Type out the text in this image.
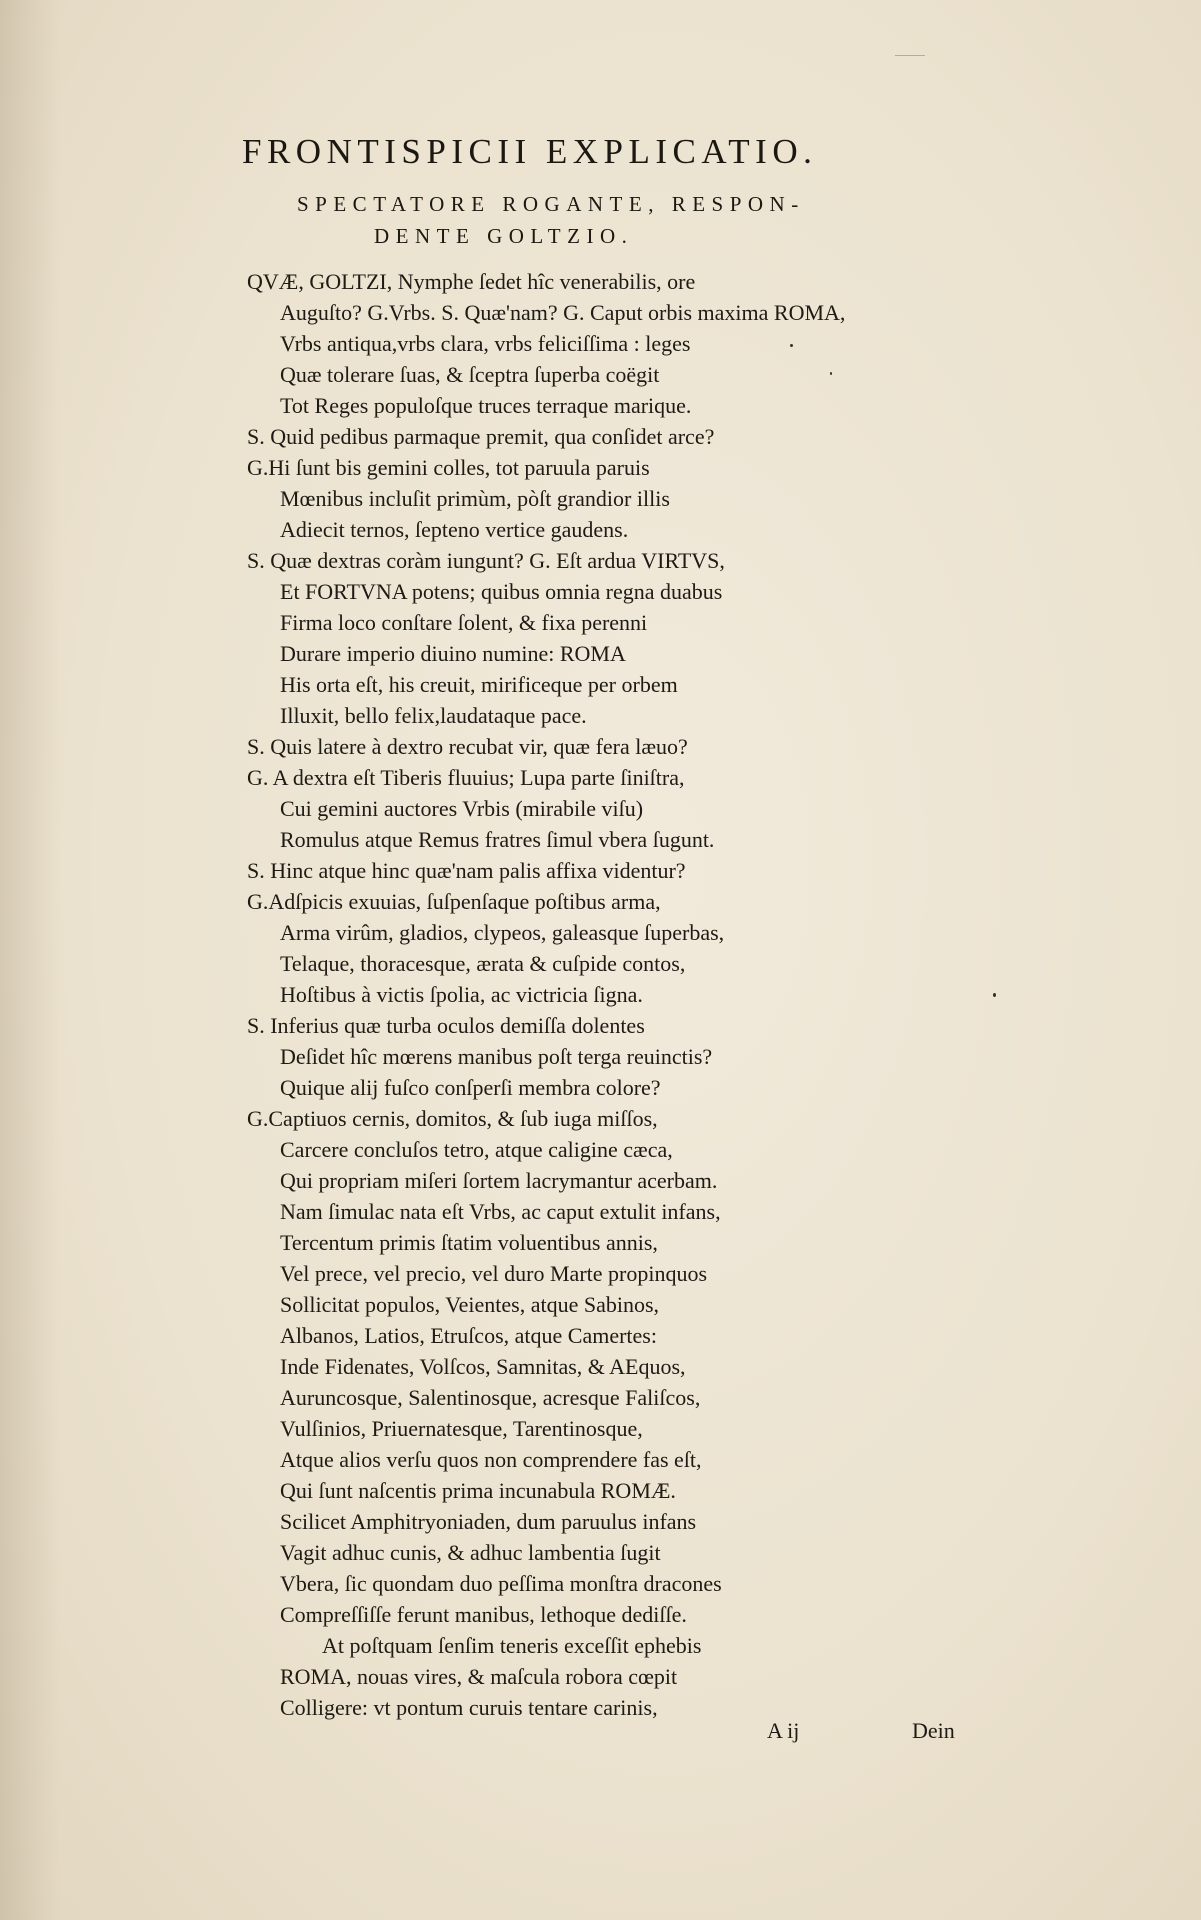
FRONTISPICII EXPLICATIO.
SPECTATORE ROGANTE, RESPON-
DENTE GOLTZIO.
QVÆ, GOLTZI, Nymphe ſedet hîc venerabilis, ore
Auguſto? G.Vrbs. S. Quæ'nam? G. Caput orbis maxima ROMA,
Vrbs antiqua,vrbs clara, vrbs feliciſſima : leges
Quæ tolerare ſuas, & ſceptra ſuperba coëgit
Tot Reges populoſque truces terraque marique.
S. Quid pedibus parmaque premit, qua conſidet arce?
G.Hi ſunt bis gemini colles, tot paruula paruis
Mœnibus incluſit primùm, pòſt grandior illis
Adiecit ternos, ſepteno vertice gaudens.
S. Quæ dextras coràm iungunt? G. Eſt ardua VIRTVS,
Et FORTVNA potens; quibus omnia regna duabus
Firma loco conſtare ſolent, & fixa perenni
Durare imperio diuino numine: ROMA
His orta eſt, his creuit, mirificeque per orbem
Illuxit, bello felix,laudataque pace.
S. Quis latere à dextro recubat vir, quæ fera læuo?
G. A dextra eſt Tiberis fluuius; Lupa parte ſiniſtra,
Cui gemini auctores Vrbis (mirabile viſu)
Romulus atque Remus fratres ſimul vbera ſugunt.
S. Hinc atque hinc quæ'nam palis affixa videntur?
G.Adſpicis exuuias, ſuſpenſaque poſtibus arma,
Arma virûm, gladios, clypeos, galeasque ſuperbas,
Telaque, thoracesque, ærata & cuſpide contos,
Hoſtibus à victis ſpolia, ac victricia ſigna.
S. Inferius quæ turba oculos demiſſa dolentes
Deſidet hîc mœrens manibus poſt terga reuinctis?
Quique alij fuſco conſperſi membra colore?
G.Captiuos cernis, domitos, & ſub iuga miſſos,
Carcere concluſos tetro, atque caligine cæca,
Qui propriam miſeri ſortem lacrymantur acerbam.
Nam ſimulac nata eſt Vrbs, ac caput extulit infans,
Tercentum primis ſtatim voluentibus annis,
Vel prece, vel precio, vel duro Marte propinquos
Sollicitat populos, Veientes, atque Sabinos,
Albanos, Latios, Etruſcos, atque Camertes:
Inde Fidenates, Volſcos, Samnitas, & AEquos,
Auruncosque, Salentinosque, acresque Faliſcos,
Vulſinios, Priuernatesque, Tarentinosque,
Atque alios verſu quos non comprendere fas eſt,
Qui ſunt naſcentis prima incunabula ROMÆ.
Scilicet Amphitryoniaden, dum paruulus infans
Vagit adhuc cunis, & adhuc lambentia ſugit
Vbera, ſic quondam duo peſſima monſtra dracones
Compreſſiſſe ferunt manibus, lethoque dediſſe.
At poſtquam ſenſim teneris exceſſit ephebis
ROMA, nouas vires, & maſcula robora cœpit
Colligere: vt pontum curuis tentare carinis,
A ij	Dein
